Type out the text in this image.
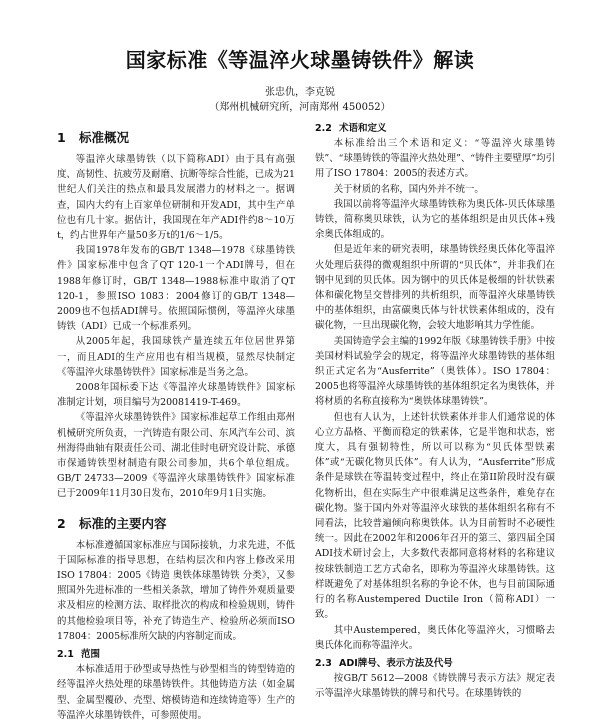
国家标准《等温淬火球墨铸铁件》解读
张忠仇，李克锐
（郑州机械研究所，河南郑州 450052）
1 标准概况

等温淬火球墨铸铁（以下简称ADI）由于具有高强度、高韧性、抗疲劳及耐磨、抗断等综合性能，已成为21世纪人们关注的热点和最具发展潜力的材料之一。据调查，国内大约有上百家单位研制和开发ADI，其中生产单位也有几十家。据估计，我国现在年产ADI件约8～10万t，约占世界年产量50多万t的1/6～1/5。

我国1978年发布的GB/T 1348—1978《球墨铸铁件》国家标准中包含了QT 120-1一个ADI牌号，但在1988年修订时，GB/T 1348—1988标准中取消了QT 120-1，参照ISO 1083：2004修订的GB/T 1348—2009也不包括ADI牌号。依照国际惯例，等温淬火球墨铸铁（ADI）已成一个标准系列。

从2005年起，我国球铁产量连续五年位居世界第一，而且ADI的生产应用也有相当规模，显然尽快制定《等温淬火球墨铸铁件》国家标准是当务之急。

2008年国标委下达《等温淬火球墨铸铁件》国家标准制定计划，项目编号为20081419-T-469。

《等温淬火球墨铸铁件》国家标准起草工作组由郑州机械研究所负责，一汽铸造有限公司、东风汽车公司、滨州海得曲轴有限责任公司、湖北佳时电研究设计院、承德市保通铸铁型材制造有限公司参加，共6个单位组成。GB/T 24733—2009《等温淬火球墨铸铁件》国家标准已于2009年11月30日发布，2010年9月1日实施。

2 标准的主要内容

本标准遵循国家标准应与国际接轨，力求先进，不低于国际标准的指导思想，在结构层次和内容上修改采用ISO 17804：2005《铸造 奥铁体球墨铸铁 分类》，又参照国外先进标准的一些相关条款，增加了铸件外观质量要求及相应的检测方法、取样批次的构成和检验规则，铸件的其他检验项目等，补充了铸造生产、检验所必须而ISO 17804：2005标准所欠缺的内容制定而成。

2.1 范围

本标准适用于砂型或导热性与砂型相当的铸型铸造的经等温淬火热处理的球墨铸铁件。其他铸造方法（如金属型、金属型覆砂、壳型、熔模铸造和连续铸造等）生产的等温淬火球墨铸铁件，可参照使用。

2.2 术语和定义

本标准给出三个术语和定义：“等温淬火球墨铸铁”、“球墨铸铁的等温淬火热处理”、“铸件主要壁厚”均引用了ISO 17804：2005的表述方式。

关于材质的名称，国内外并不统一。

我国以前将等温淬火球墨铸铁称为奥氏体-贝氏体球墨铸铁，简称奥贝球铁，认为它的基体组织是由贝氏体+残余奥氏体组成的。

但是近年来的研究表明，球墨铸铁经奥氏体化等温淬火处理后获得的微观组织中所谓的“贝氏体”，并非我们在钢中见到的贝氏体。因为钢中的贝氏体是极细的针状铁素体和碳化物呈交替排列的共析组织，而等温淬火球墨铸铁中的基体组织，由富碳奥氏体与针状铁素体组成的，没有碳化物，一旦出现碳化物，会较大地影响其力学性能。

美国铸造学会主编的1992年版《球墨铸铁手册》中按美国材料试验学会的规定，将等温淬火球墨铸铁的基体组织正式定名为“Ausferrite”（奥铁体）。ISO 17804：2005也将等温淬火球墨铸铁的基体组织定名为奥铁体，并将材质的名称直接称为“奥铁体球墨铸铁”。

但也有人认为，上述针状铁素体并非人们通常说的体心立方晶格、平衡而稳定的铁素体，它是半饱和状态，密度大，具有强韧特性，所以可以称为“贝氏体型铁素体”或“无碳化物贝氏体”。有人认为，“Ausferrite”形成条件是球铁在等温转变过程中，终止在第II阶段时没有碳化物析出，但在实际生产中很难满足这些条件，难免存在碳化物。鉴于国内外对等温淬火球铁的基体组织名称有不同看法，比较普遍倾向称奥铁体。认为目前暂时不必硬性统一。因此在2002年和2006年召开的第三、第四届全国ADI技术研讨会上，大多数代表都同意将材料的名称建议按球铁制造工艺方式命名，即称为等温淬火球墨铸铁。这样既避免了对基体组织名称的争论不休，也与目前国际通行的名称Austempered Ductile Iron（简称ADI）一致。

其中Austempered，奥氏体化等温淬火，习惯略去奥氏体化而称等温淬火。

2.3 ADI牌号、表示方法及代号

按GB/T 5612—2008《铸铁牌号表示方法》规定表示等温淬火球墨铸铁的牌号和代号。在球墨铸铁的
